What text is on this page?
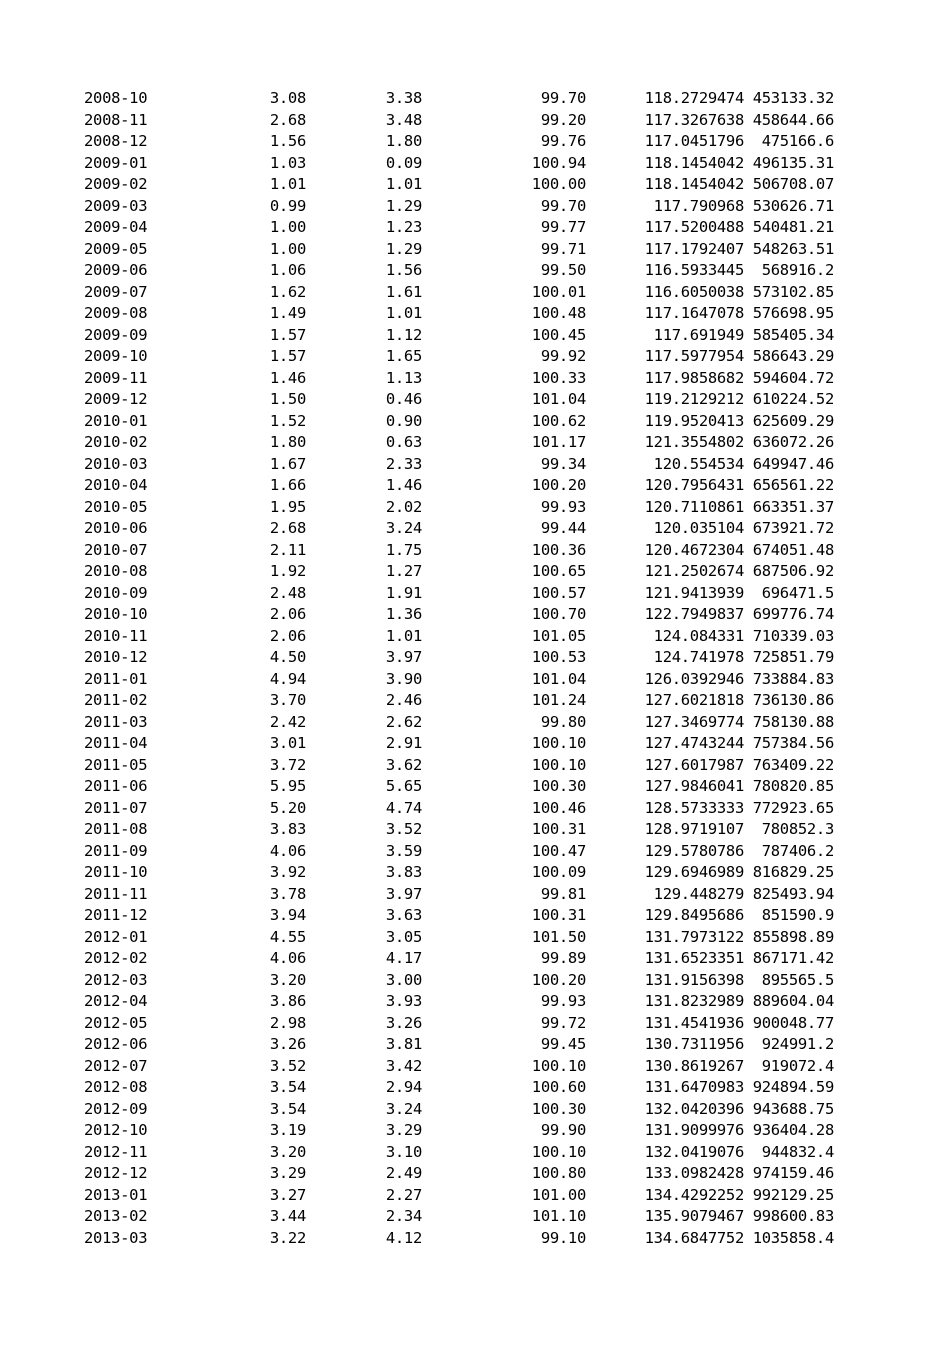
2008-10	3.08	3.38	99.70	118.2729474	453133.32
2008-11	2.68	3.48	99.20	117.3267638	458644.66
2008-12	1.56	1.80	99.76	117.0451796	475166.6
2009-01	1.03	0.09	100.94	118.1454042	496135.31
2009-02	1.01	1.01	100.00	118.1454042	506708.07
2009-03	0.99	1.29	99.70	117.790968	530626.71
2009-04	1.00	1.23	99.77	117.5200488	540481.21
2009-05	1.00	1.29	99.71	117.1792407	548263.51
2009-06	1.06	1.56	99.50	116.5933445	568916.2
2009-07	1.62	1.61	100.01	116.6050038	573102.85
2009-08	1.49	1.01	100.48	117.1647078	576698.95
2009-09	1.57	1.12	100.45	117.691949	585405.34
2009-10	1.57	1.65	99.92	117.5977954	586643.29
2009-11	1.46	1.13	100.33	117.9858682	594604.72
2009-12	1.50	0.46	101.04	119.2129212	610224.52
2010-01	1.52	0.90	100.62	119.9520413	625609.29
2010-02	1.80	0.63	101.17	121.3554802	636072.26
2010-03	1.67	2.33	99.34	120.554534	649947.46
2010-04	1.66	1.46	100.20	120.7956431	656561.22
2010-05	1.95	2.02	99.93	120.7110861	663351.37
2010-06	2.68	3.24	99.44	120.035104	673921.72
2010-07	2.11	1.75	100.36	120.4672304	674051.48
2010-08	1.92	1.27	100.65	121.2502674	687506.92
2010-09	2.48	1.91	100.57	121.9413939	696471.5
2010-10	2.06	1.36	100.70	122.7949837	699776.74
2010-11	2.06	1.01	101.05	124.084331	710339.03
2010-12	4.50	3.97	100.53	124.741978	725851.79
2011-01	4.94	3.90	101.04	126.0392946	733884.83
2011-02	3.70	2.46	101.24	127.6021818	736130.86
2011-03	2.42	2.62	99.80	127.3469774	758130.88
2011-04	3.01	2.91	100.10	127.4743244	757384.56
2011-05	3.72	3.62	100.10	127.6017987	763409.22
2011-06	5.95	5.65	100.30	127.9846041	780820.85
2011-07	5.20	4.74	100.46	128.5733333	772923.65
2011-08	3.83	3.52	100.31	128.9719107	780852.3
2011-09	4.06	3.59	100.47	129.5780786	787406.2
2011-10	3.92	3.83	100.09	129.6946989	816829.25
2011-11	3.78	3.97	99.81	129.448279	825493.94
2011-12	3.94	3.63	100.31	129.8495686	851590.9
2012-01	4.55	3.05	101.50	131.7973122	855898.89
2012-02	4.06	4.17	99.89	131.6523351	867171.42
2012-03	3.20	3.00	100.20	131.9156398	895565.5
2012-04	3.86	3.93	99.93	131.8232989	889604.04
2012-05	2.98	3.26	99.72	131.4541936	900048.77
2012-06	3.26	3.81	99.45	130.7311956	924991.2
2012-07	3.52	3.42	100.10	130.8619267	919072.4
2012-08	3.54	2.94	100.60	131.6470983	924894.59
2012-09	3.54	3.24	100.30	132.0420396	943688.75
2012-10	3.19	3.29	99.90	131.9099976	936404.28
2012-11	3.20	3.10	100.10	132.0419076	944832.4
2012-12	3.29	2.49	100.80	133.0982428	974159.46
2013-01	3.27	2.27	101.00	134.4292252	992129.25
2013-02	3.44	2.34	101.10	135.9079467	998600.83
2013-03	3.22	4.12	99.10	134.6847752	1035858.4
